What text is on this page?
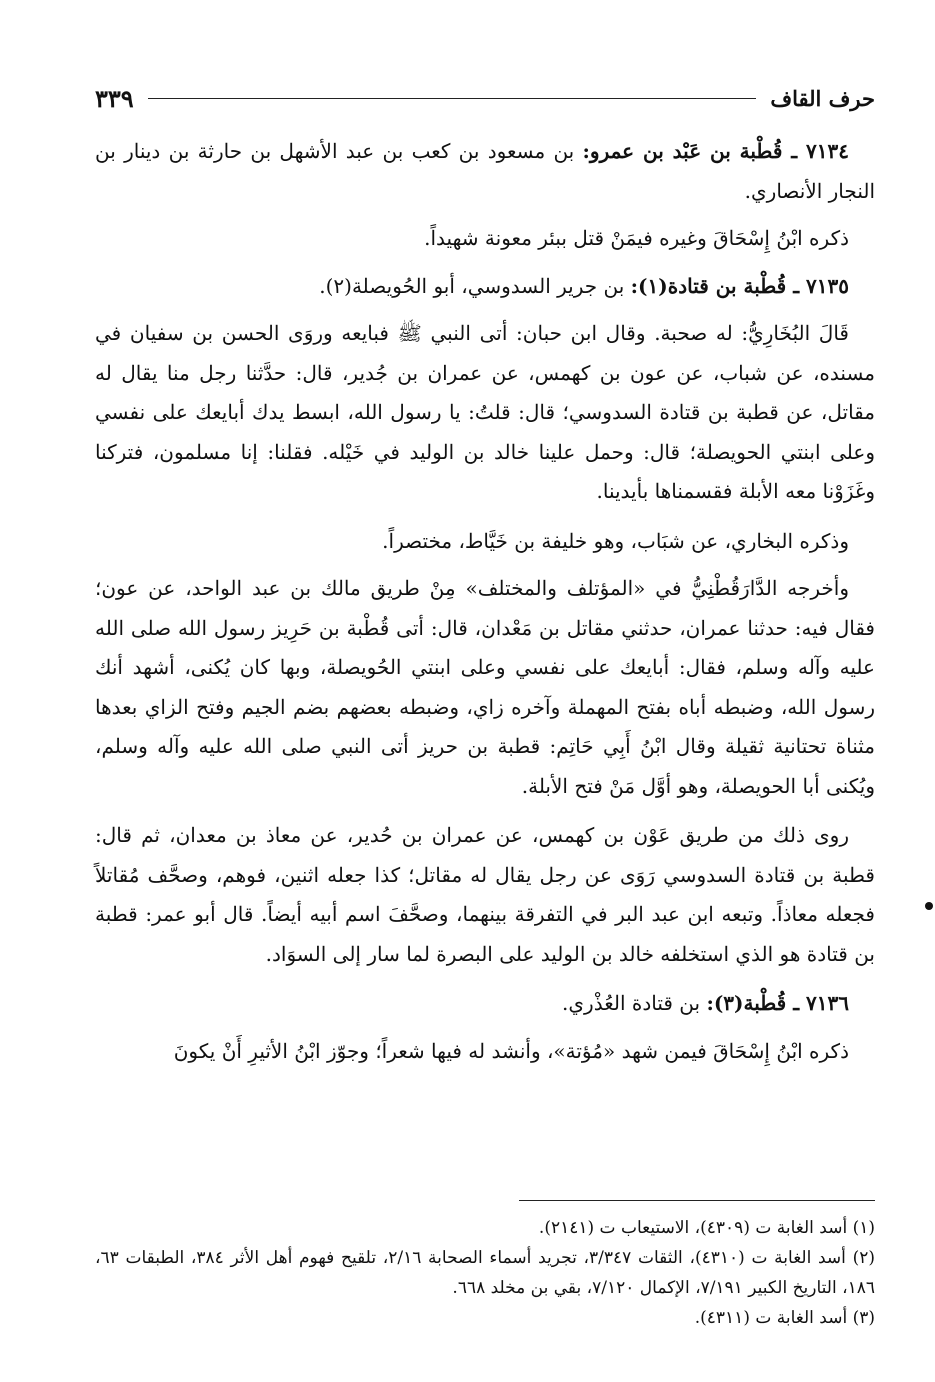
حرف القاف
٣٣٩

٧١٣٤ ـ قُطْبة بن عَبْد بن عمرو: بن مسعود بن كعب بن عبد الأشهل بن حارثة بن دينار بن النجار الأنصاري.

ذكره ابْنُ إِسْحَاقَ وغيره فيمَنْ قتل ببئر معونة شهيداً.

٧١٣٥ ـ قُطْبة بن قتادة(١): بن جرير السدوسي، أبو الحُويصلة(٢).

قَالَ البُخَارِيُّ: له صحبة. وقال ابن حبان: أتى النبي ﷺ فبايعه وروَى الحسن بن سفيان في مسنده، عن شباب، عن عون بن كهمس، عن عمران بن جُدير، قال: حدَّثنا رجل منا يقال له مقاتل، عن قطبة بن قتادة السدوسي؛ قال: قلتُ: يا رسول الله، ابسط يدك أبايعك على نفسي وعلى ابنتي الحويصلة؛ قال: وحمل علينا خالد بن الوليد في خَيْله. فقلنا: إنا مسلمون، فتركنا وغَزَوْنا معه الأبلة فقسمناها بأيدينا.

وذكره البخاري، عن شبَاب، وهو خليفة بن خَيَّاط، مختصراً.

وأخرجه الدَّارَقُطْنِيُّ في «المؤتلف والمختلف» مِنْ طريق مالك بن عبد الواحد، عن عون؛ فقال فيه: حدثنا عمران، حدثني مقاتل بن مَعْدان، قال: أتى قُطْبة بن حَرِيز رسول الله صلى الله عليه وآله وسلم، فقال: أبايعك على نفسي وعلى ابنتي الحُويصلة، وبها كان يُكنى، أشهد أنك رسول الله، وضبطه أباه بفتح المهملة وآخره زاي، وضبطه بعضهم بضم الجيم وفتح الزاي بعدها مثناة تحتانية ثقيلة وقال ابْنُ أَبِي حَاتِم: قطبة بن حريز أتى النبي صلى الله عليه وآله وسلم، ويُكنى أبا الحويصلة، وهو أوَّل مَنْ فتح الأبلة.

روى ذلك من طريق عَوْن بن كهمس، عن عمران بن حُدير، عن معاذ بن معدان، ثم قال: قطبة بن قتادة السدوسي رَوَى عن رجل يقال له مقاتل؛ كذا جعله اثنين، فوهم، وصحَّف مُقاتلاً فجعله معاذاً. وتبعه ابن عبد البر في التفرقة بينهما، وصحَّفَ اسم أبيه أيضاً. قال أبو عمر: قطبة بن قتادة هو الذي استخلفه خالد بن الوليد على البصرة لما سار إلى السوَاد.

٧١٣٦ ـ قُطْبة(٣): بن قتادة العُذْري.

ذكره ابْنُ إِسْحَاقَ فيمن شهد «مُؤتة»، وأنشد له فيها شعراً؛ وجوّز ابْنُ الأثيرِ أَنْ يكونَ

(١) أسد الغابة ت (٤٣٠٩)، الاستيعاب ت (٢١٤١).

(٢) أسد الغابة ت (٤٣١٠)، الثقات ٣/٣٤٧، تجريد أسماء الصحابة ٢/١٦، تلقيح فهوم أهل الأثر ٣٨٤، الطبقات ٦٣، ١٨٦، التاريخ الكبير ٧/١٩١، الإكمال ٧/١٢٠، بقي بن مخلد ٦٦٨.

(٣) أسد الغابة ت (٤٣١١).
